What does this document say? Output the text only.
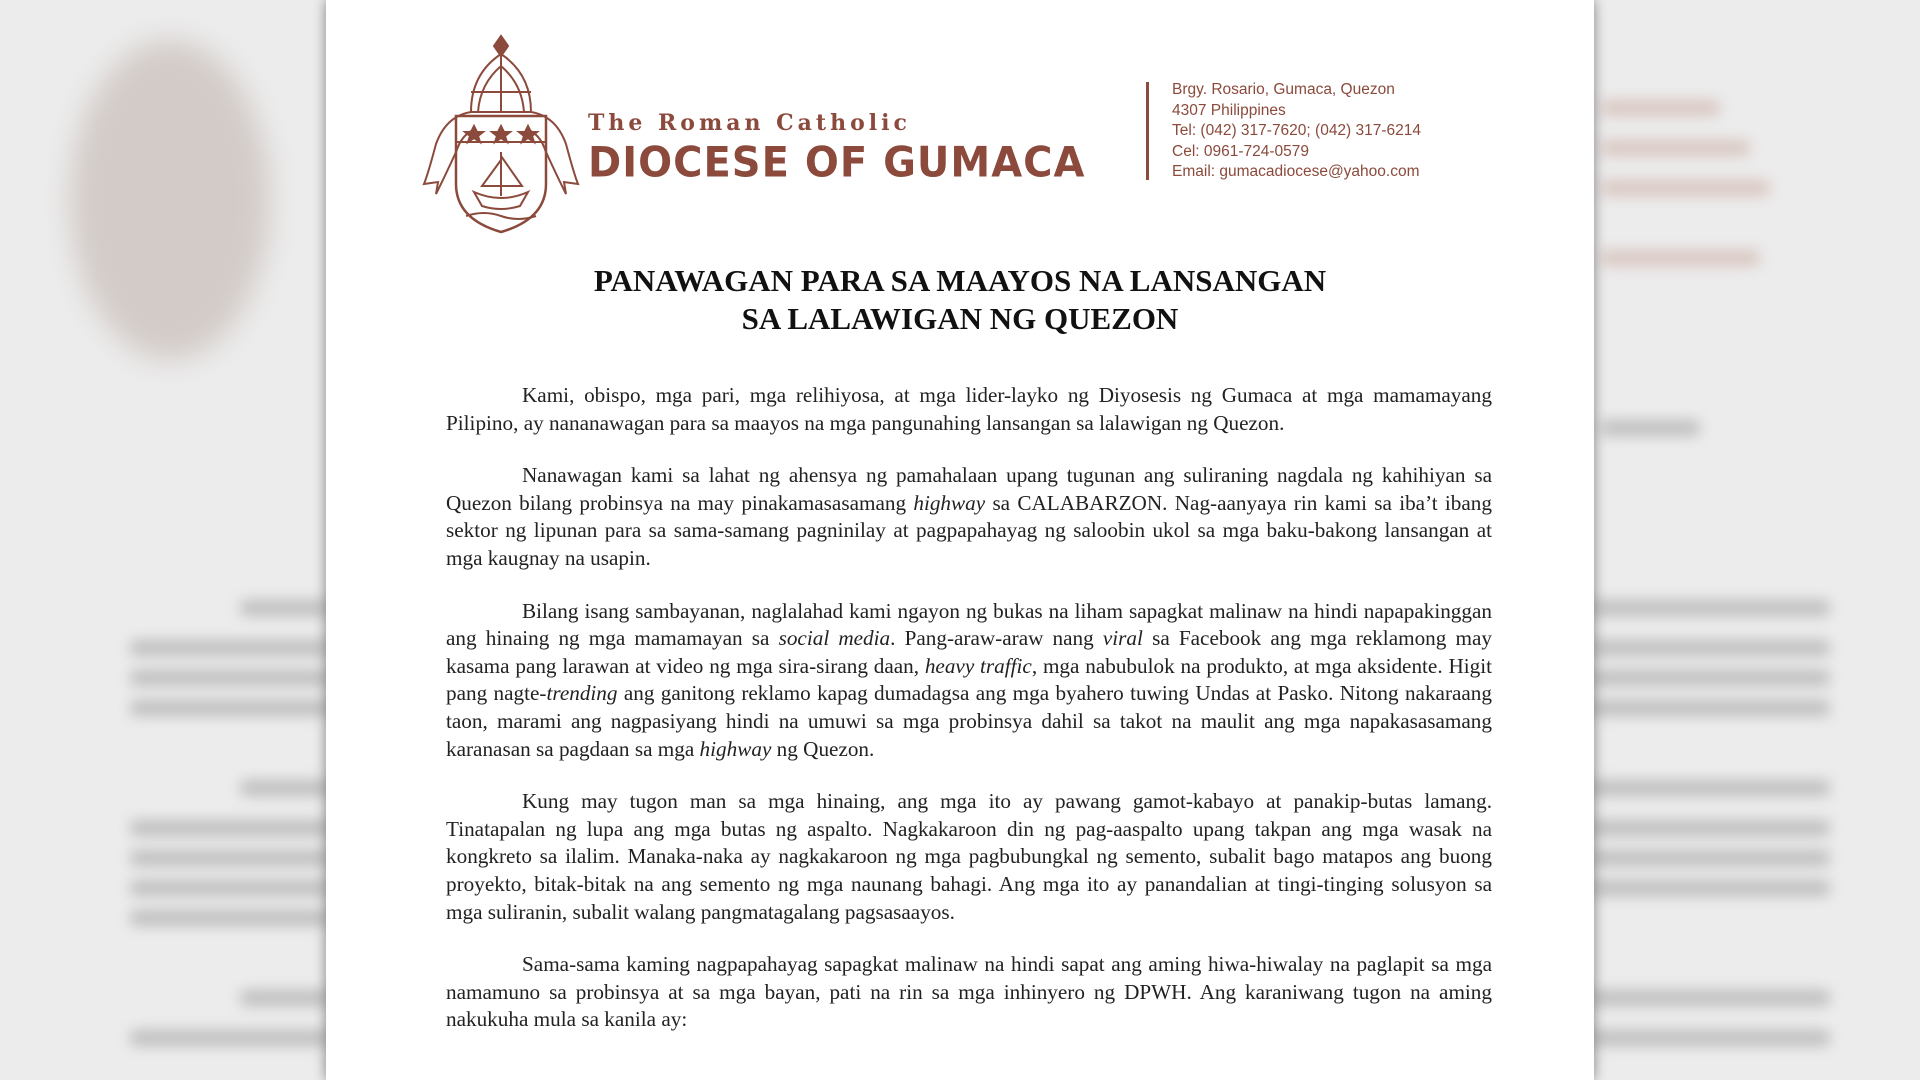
The Roman Catholic
DIOCESE OF GUMACA
Brgy. Rosario, Gumaca, Quezon
4307 Philippines
Tel: (042) 317-7620; (042) 317-6214
Cel: 0961-724-0579
Email: gumacadiocese@yahoo.com
PANAWAGAN PARA SA MAAYOS NA LANSANGAN
SA LALAWIGAN NG QUEZON

Kami, obispo, mga pari, mga relihiyosa, at mga lider-layko ng Diyosesis ng Gumaca at mga mamamayang Pilipino, ay nananawagan para sa maayos na mga pangunahing lansangan sa lalawigan ng Quezon.

Nanawagan kami sa lahat ng ahensya ng pamahalaan upang tugunan ang suliraning nagdala ng kahihiyan sa Quezon bilang probinsya na may pinakamasasamang highway sa CALABARZON. Nag-aanyaya rin kami sa iba’t ibang sektor ng lipunan para sa sama-samang pagninilay at pagpapahayag ng saloobin ukol sa mga baku-bakong lansangan at mga kaugnay na usapin.

Bilang isang sambayanan, naglalahad kami ngayon ng bukas na liham sapagkat malinaw na hindi napapakinggan ang hinaing ng mga mamamayan sa social media. Pang-araw-araw nang viral sa Facebook ang mga reklamong may kasama pang larawan at video ng mga sira-sirang daan, heavy traffic, mga nabubulok na produkto, at mga aksidente. Higit pang nagte-trending ang ganitong reklamo kapag dumadagsa ang mga byahero tuwing Undas at Pasko. Nitong nakaraang taon, marami ang nagpasiyang hindi na umuwi sa mga probinsya dahil sa takot na maulit ang mga napakasasamang karanasan sa pagdaan sa mga highway ng Quezon.

Kung may tugon man sa mga hinaing, ang mga ito ay pawang gamot-kabayo at panakip-butas lamang. Tinatapalan ng lupa ang mga butas ng aspalto. Nagkakaroon din ng pag-aaspalto upang takpan ang mga wasak na kongkreto sa ilalim. Manaka-naka ay nagkakaroon ng mga pagbubungkal ng semento, subalit bago matapos ang buong proyekto, bitak-bitak na ang semento ng mga naunang bahagi. Ang mga ito ay panandalian at tingi-tinging solusyon sa mga suliranin, subalit walang pangmatagalang pagsasaayos.

Sama-sama kaming nagpapahayag sapagkat malinaw na hindi sapat ang aming hiwa-hiwalay na paglapit sa mga namamuno sa probinsya at sa mga bayan, pati na rin sa mga inhinyero ng DPWH. Ang karaniwang tugon na aming nakukuha mula sa kanila ay:
